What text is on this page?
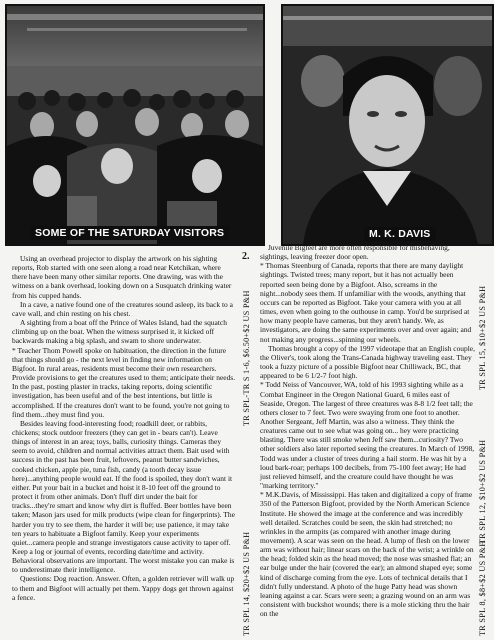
SOME OF THE SATURDAY VISITORS	M. K. DAVIS

Using an overhead projector to display the artwork on his sighting reports, Rob started with one seen along a road near Ketchikan, where there have been many other similar reports. One drawing, was with the witness on a bank overhead, looking down on a Susquatch drinking water from his cupped hands.

In a cave, a native found one of the creatures sound asleep, its back to a cave wall, and chin resting on his chest.

A sighting from a boat off the Prince of Wales Island, had the squatch climbing up on the boat. When the witness surprised it, it kicked off backwards making a big splash, and swam to shore underwater.

* Teacher Thom Powell spoke on habituation, the direction in the future that things should go - the next level in finding new information on Bigfoot. In rural areas, residents must become their own researchers. Provide provisions to get the creatures used to them; anticipate their needs. In the past, posting plaster in tracks, taking reports, doing scientific investigation, has been useful and of the best intentions, but little is accomplished. If the creatures don't want to be found, you're not going to find them...they must find you.

Besides leaving food-interesting food; roadkill deer, or rabbits, chickens; stock outdoor freezers (they can get in - bears can't). Leave things of interest in an area; toys, balls, curiosity things. Cameras they seem to avoid, children and normal activities attract them. Bait used with success in the past has been fruit, leftovers, peanut butter sandwiches, cooked chicken, apple pie, tuna fish, candy (a tooth decay issue here)...anything people would eat. If the food is spoiled, they don't want it either. Put your bait in a bucket and hoist it 8-10 feet off the ground to protect it from other animals. Don't fluff dirt under the bait for tracks...they're smart and know why dirt is fluffed. Beer bottles have been taken; Mason jars used for milk products (wipe clean for fingerprints). The harder you try to see them, the harder it will be; use patience, it may take ten years to habituate a Bigfoot family. Keep your experiments quiet...camera people and strange investigators cause activity to taper off. Keep a log or journal of events, recording date/time and activity. Behavioral observations are important. The worst mistake you can make is to underestimate their intelligence.

Questions: Dog reaction. Answer. Often, a golden retriever will walk up to them and Bigfoot will actually pet them. Yappy dogs get thrown against a fence.

2.

Juvenile Bigfeet are more often responsible for misbehaving, sightings, leaving freezer door open.

* Thomas Steenburg of Canada, reports that there are many daylight sightings. Twisted trees; many report, but it has not actually been reported seen being done by a Bigfoot. Also, screams in the night...nobody sees them. If unfamiliar with the woods, anything that occurs can be reported as Bigfoot. Take your camera with you at all times, even when going to the outhouse in camp. You'd be surprised at how many people have cameras, but they aren't handy. We, as investigators, are doing the same experiments over and over again; and not making any progress...spinning our wheels.

Thomas brought a copy of the 1997 videotape that an English couple, the Oliver's, took along the Trans-Canada highway traveling east. They took a fuzzy picture of a possible Bigfoot near Chilliwack, BC, that appeared to be 6 1/2-7 foot high.

* Todd Neiss of Vancouver, WA, told of his 1993 sighting while as a Combat Engineer in the Oregon National Guard, 6 miles east of Seaside, Oregon. The largest of three creatures was 8-8 1/2 feet tall; the others closer to 7 feet. Two were swaying from one foot to another. Another Sergeant, Jeff Martin, was also a witness. They think the creatures came out to see what was going on... hey were practicing blasting. There was still smoke when Jeff saw them...curiosity? Two other soldiers also later reported seeing the creatures. In March of 1998, Todd was under a cluster of trees during a hail storm. He was hit by a loud bark-roar; perhaps 100 decibels, from 75-100 feet away; He had just relieved himself, and the creature could have thought he was "marking territory."

* M.K.Davis, of Mississippi. Has taken and digitalized a copy of frame 350 of the Patterson Bigfoot, provided by the North American Science Institute. He showed the image at the conference and was incredibly well detailed. Scratches could be seen, the skin had stretched; no wrinkles in the armpits (as compared with another image during movement). A scar was seen on the head. A lump of flesh on the lower arm was without hair; linear scars on the back of the wrist; a wrinkle on the head; folded skin as the head moved; the nose was smashed flat; an ear bulge under the hair (covered the ear); an almond shaped eye; some kind of discharge coming from the eye. Lots of technical details that I didn't fully understand. A photo of the huge Patty head was shown leaning against a car. Scars were seen; a grazing wound on an arm was consistent with buckshot wounds; there is a mole sticking thru the hair on the

TR SPL-TR S 1-6, $6.50+$2 US P&H
TR SPL 14, $20+$2 US P&H
TR SPL 15, $10+$2 US P&H
TR SPL 12, $10+$2 US P&H
TR SPL 8, $8+$2 US P&H
